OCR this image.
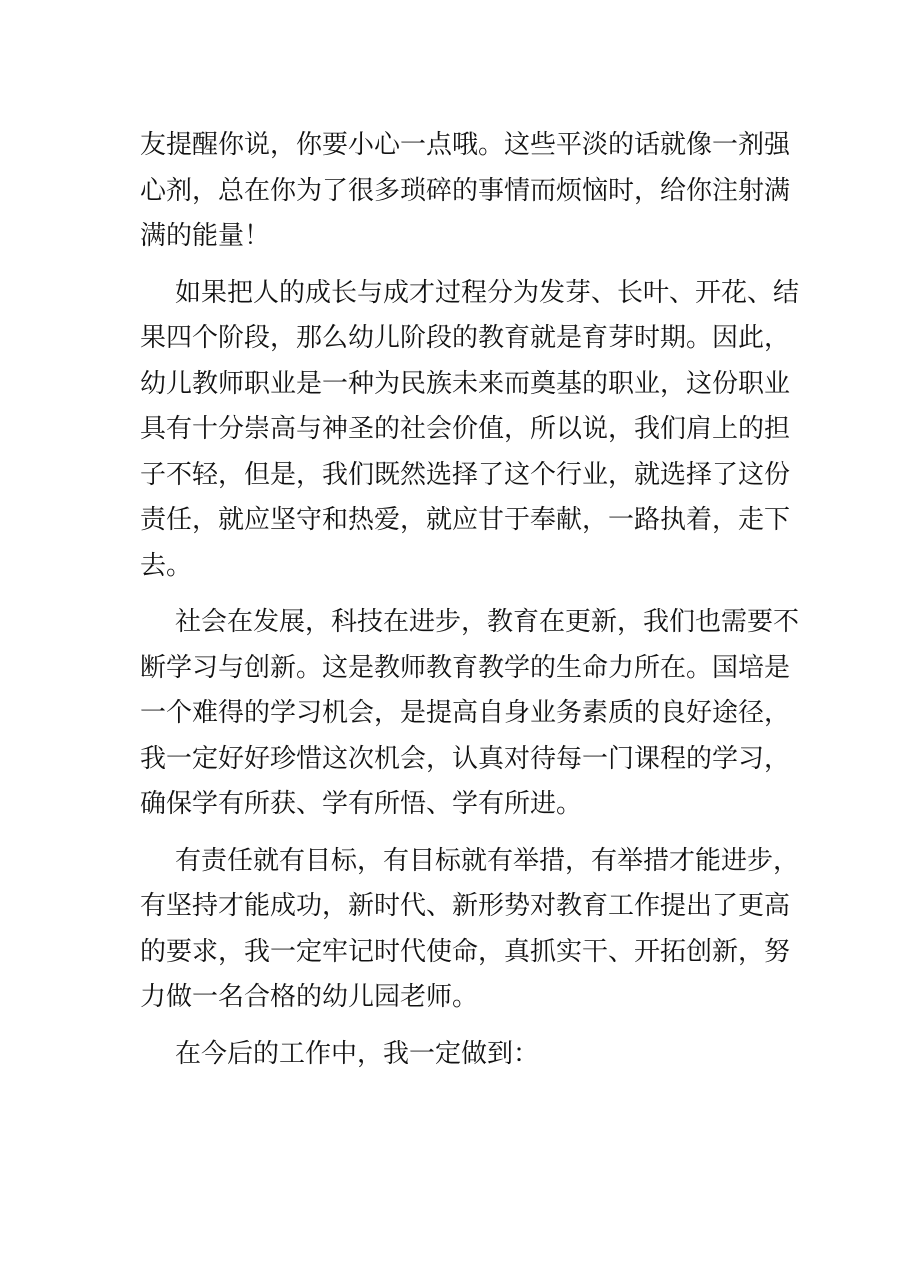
友提醒你说，你要小心一点哦。这些平淡的话就像一剂强
心剂，总在你为了很多琐碎的事情而烦恼时，给你注射满
满的能量！
如果把人的成长与成才过程分为发芽、长叶、开花、结
果四个阶段，那么幼儿阶段的教育就是育芽时期。因此，
幼儿教师职业是一种为民族未来而奠基的职业，这份职业
具有十分崇高与神圣的社会价值，所以说，我们肩上的担
子不轻，但是，我们既然选择了这个行业，就选择了这份
责任，就应坚守和热爱，就应甘于奉献，一路执着，走下
去。
社会在发展，科技在进步，教育在更新，我们也需要不
断学习与创新。这是教师教育教学的生命力所在。国培是
一个难得的学习机会，是提高自身业务素质的良好途径，
我一定好好珍惜这次机会，认真对待每一门课程的学习，
确保学有所获、学有所悟、学有所进。
有责任就有目标，有目标就有举措，有举措才能进步，
有坚持才能成功，新时代、新形势对教育工作提出了更高
的要求，我一定牢记时代使命，真抓实干、开拓创新，努
力做一名合格的幼儿园老师。
在今后的工作中，我一定做到：
